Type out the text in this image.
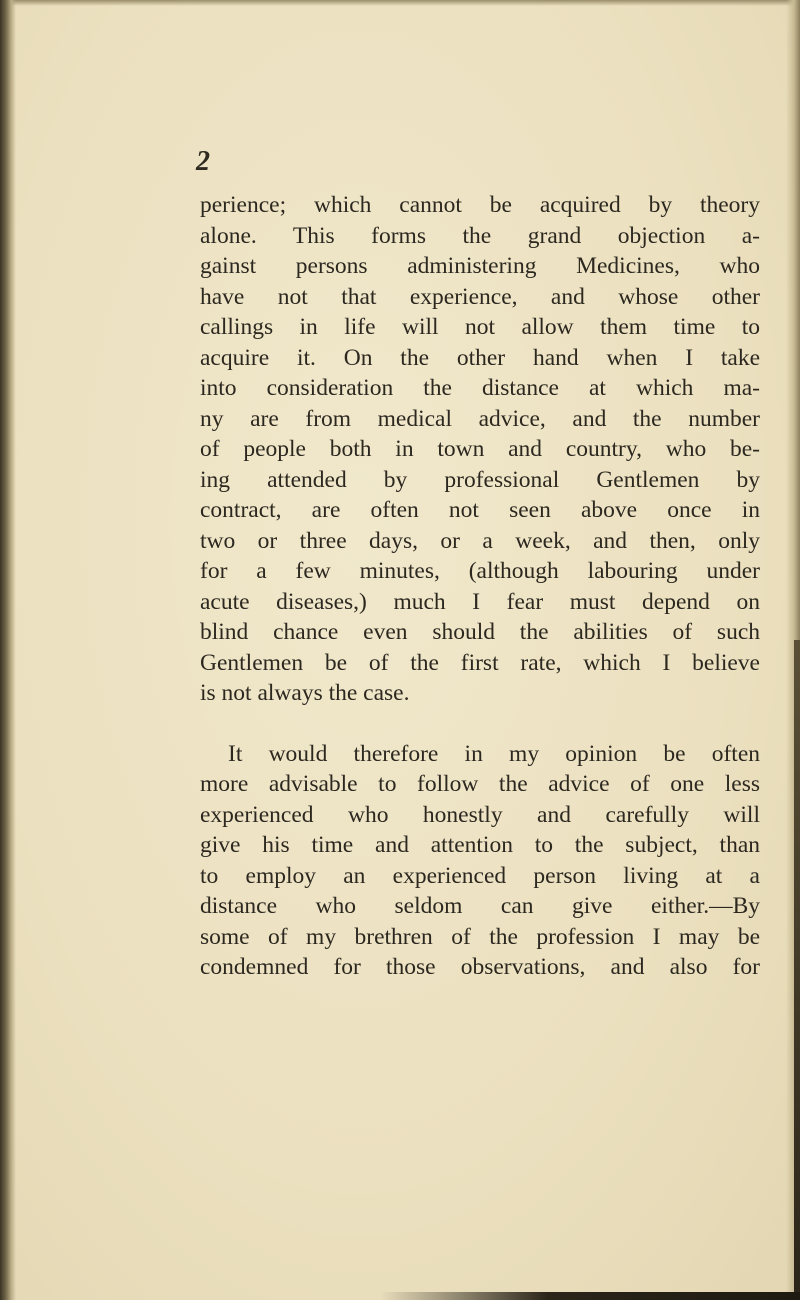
2
perience; which cannot be acquired by theory
alone. This forms the grand objection a-
gainst persons administering Medicines, who
have not that experience, and whose other
callings in life will not allow them time to
acquire it. On the other hand when I take
into consideration the distance at which ma-
ny are from medical advice, and the number
of people both in town and country, who be-
ing attended by professional Gentlemen by
contract, are often not seen above once in
two or three days, or a week, and then, only
for a few minutes, (although labouring under
acute diseases,) much I fear must depend on
blind chance even should the abilities of such
Gentlemen be of the first rate, which I believe
is not always the case.
It would therefore in my opinion be often
more advisable to follow the advice of one less
experienced who honestly and carefully will
give his time and attention to the subject, than
to employ an experienced person living at a
distance who seldom can give either.—By
some of my brethren of the profession I may be
condemned for those observations, and also for
